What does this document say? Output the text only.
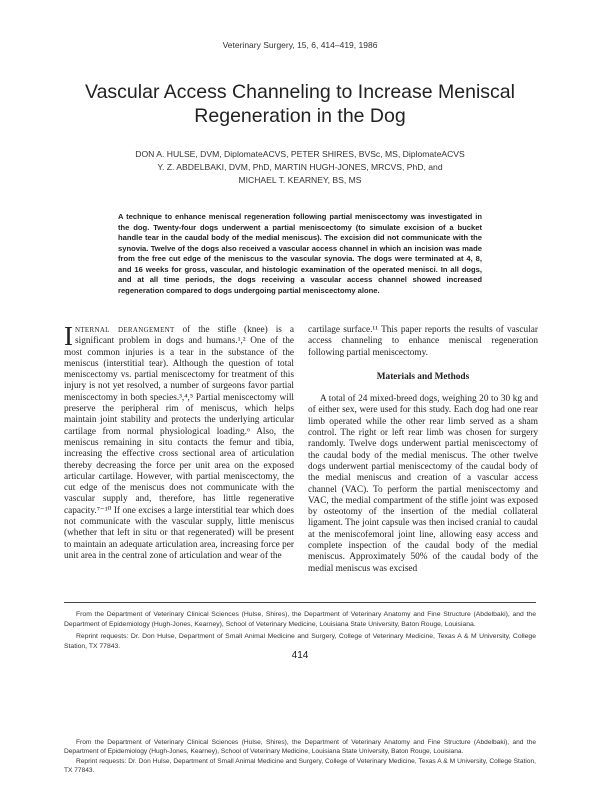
Veterinary Surgery, 15, 6, 414–419, 1986
Vascular Access Channeling to Increase Meniscal Regeneration in the Dog
DON A. HULSE, DVM, DiplomateACVS, PETER SHIRES, BVSc, MS, DiplomateACVS
Y. Z. ABDELBAKI, DVM, PhD, MARTIN HUGH-JONES, MRCVS, PhD, and
MICHAEL T. KEARNEY, BS, MS
A technique to enhance meniscal regeneration following partial meniscectomy was investigated in the dog. Twenty-four dogs underwent a partial meniscectomy (to simulate excision of a bucket handle tear in the caudal body of the medial meniscus). The excision did not communicate with the synovia. Twelve of the dogs also received a vascular access channel in which an incision was made from the free cut edge of the meniscus to the vascular synovia. The dogs were terminated at 4, 8, and 16 weeks for gross, vascular, and histologic examination of the operated menisci. In all dogs, and at all time periods, the dogs receiving a vascular access channel showed increased regeneration compared to dogs undergoing partial meniscectomy alone.

Internal derangement of the stifle (knee) is a significant problem in dogs and humans.¹,² One of the most common injuries is a tear in the substance of the meniscus (interstitial tear). Although the question of total meniscectomy vs. partial meniscectomy for treatment of this injury is not yet resolved, a number of surgeons favor partial meniscectomy in both species.³,⁴,⁵ Partial meniscectomy will preserve the peripheral rim of meniscus, which helps maintain joint stability and protects the underlying articular cartilage from normal physiological loading.⁶ Also, the meniscus remaining in situ contacts the femur and tibia, increasing the effective cross sectional area of articulation thereby decreasing the force per unit area on the exposed articular cartilage. However, with partial meniscectomy, the cut edge of the meniscus does not communicate with the vascular supply and, therefore, has little regenerative capacity.⁷⁻¹⁰ If one excises a large interstitial tear which does not communicate with the vascular supply, little meniscus (whether that left in situ or that regenerated) will be present to maintain an adequate articulation area, increasing force per unit area in the central zone of articulation and wear of the

cartilage surface.¹¹ This paper reports the results of vascular access channeling to enhance meniscal regeneration following partial meniscectomy.

Materials and Methods

A total of 24 mixed-breed dogs, weighing 20 to 30 kg and of either sex, were used for this study. Each dog had one rear limb operated while the other rear limb served as a sham control. The right or left rear limb was chosen for surgery randomly. Twelve dogs underwent partial meniscectomy of the caudal body of the medial meniscus. The other twelve dogs underwent partial meniscectomy of the caudal body of the medial meniscus and creation of a vascular access channel (VAC). To perform the partial meniscectomy and VAC, the medial compartment of the stifle joint was exposed by osteotomy of the insertion of the medial collateral ligament. The joint capsule was then incised cranial to caudal at the meniscofemoral joint line, allowing easy access and complete inspection of the caudal body of the medial meniscus. Approximately 50% of the caudal body of the medial meniscus was excised

From the Department of Veterinary Clinical Sciences (Hulse, Shires), the Department of Veterinary Anatomy and Fine Structure (Abdelbaki), and the Department of Epidemiology (Hugh-Jones, Kearney), School of Veterinary Medicine, Louisiana State University, Baton Rouge, Louisiana.

Reprint requests: Dr. Don Hulse, Department of Small Animal Medicine and Surgery, College of Veterinary Medicine, Texas A & M University, College Station, TX 77843.

414

From the Department of Veterinary Clinical Sciences (Hulse, Shires), the Department of Veterinary Anatomy and Fine Structure (Abdelbaki), and the Department of Epidemiology (Hugh-Jones, Kearney), School of Veterinary Medicine, Louisiana State University, Baton Rouge, Louisiana.

Reprint requests: Dr. Don Hulse, Department of Small Animal Medicine and Surgery, College of Veterinary Medicine, Texas A & M University, College Station, TX 77843.
